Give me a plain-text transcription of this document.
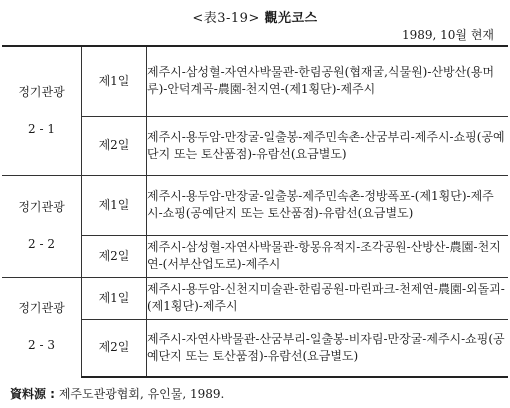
<表3-19> 觀光코스
1989, 10월 현재
정기관광
2 - 1	제1일	제주시-삼성혈-자연사박물관-한림공원(협재굴,식물원)-산방산(용머루)-안덕계곡-農園-천지연-(제1횡단)-제주시
	제2일	제주시-용두암-만장굴-일출봉-제주민속촌-산굼부리-제주시-쇼핑(공예단지 또는 토산품점)-유람선(요금별도)

정기관광
2 - 2	제1일	제주시-용두암-만장굴-일출봉-제주민속촌-정방폭포-(제1횡단)-제주시-쇼핑(공예단지 또는 토산품점)-유람선(요금별도)
	제2일	제주시-삼성혈-자연사박물관-항몽유적지-조각공원-산방산-農園-천지연-(서부산업도로)-제주시

정기관광
2 - 3	제1일	제주시-용두암-신천지미술관-한림공원-마린파크-천제연-農園-외돌괴-(제1횡단)-제주시
	제2일	제주시-자연사박물관-산굼부리-일출봉-비자림-만장굴-제주시-쇼핑(공예단지 또는 토산품점)-유람선(요금별도)
資料源 : 제주도관광협회, 유인물, 1989.
